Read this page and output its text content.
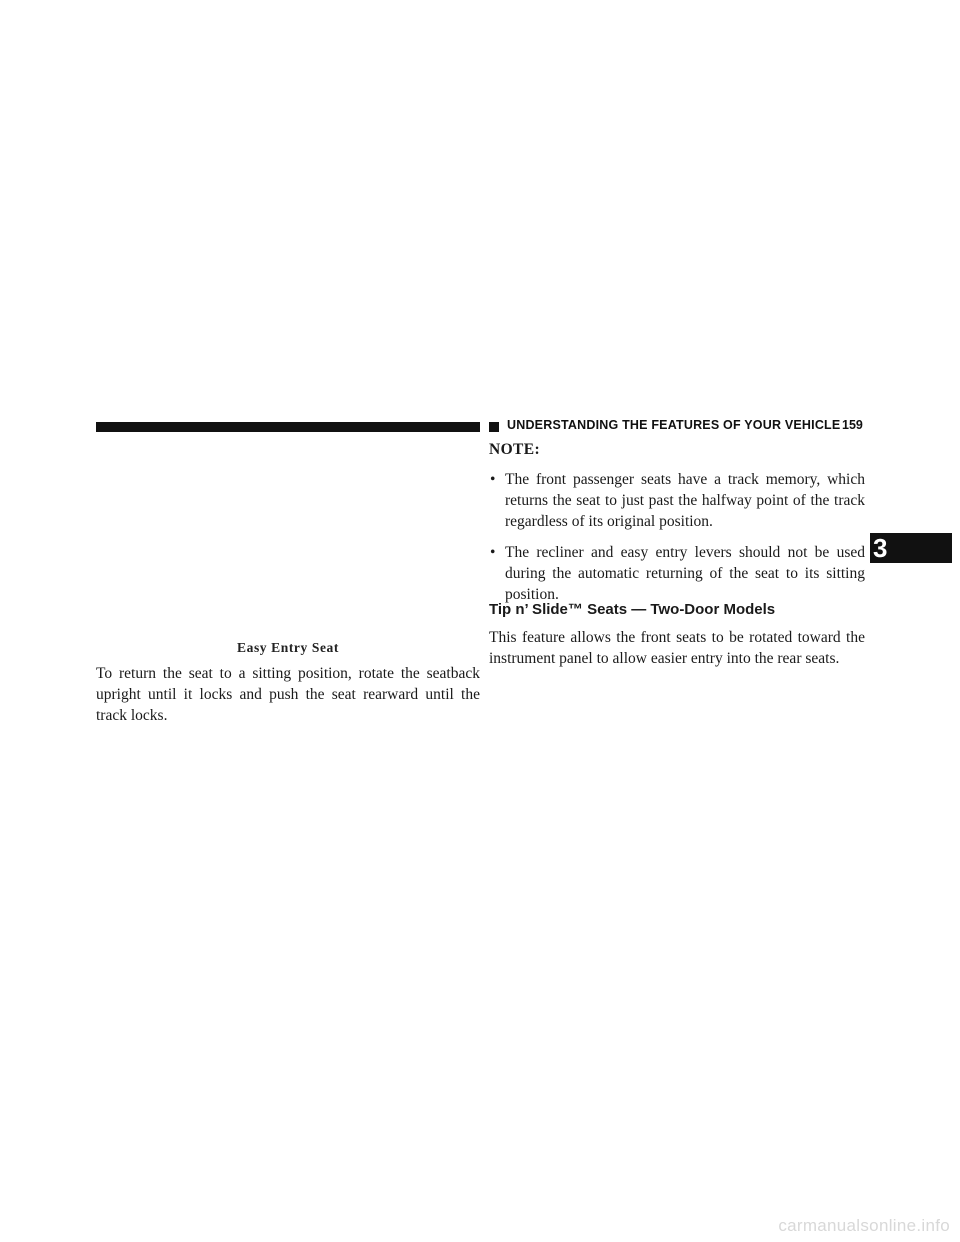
UNDERSTANDING THE FEATURES OF YOUR VEHICLE 159
3
Easy Entry Seat

To return the seat to a sitting position, rotate the seatback upright until it locks and push the seat rearward until the track locks.

NOTE:

• The front passenger seats have a track memory, which returns the seat to just past the halfway point of the track regardless of its original position.
• The recliner and easy entry levers should not be used during the automatic returning of the seat to its sitting position.
Tip n’ Slide™ Seats — Two-Door Models

This feature allows the front seats to be rotated toward the instrument panel to allow easier entry into the rear seats.

carmanualsonline.info
